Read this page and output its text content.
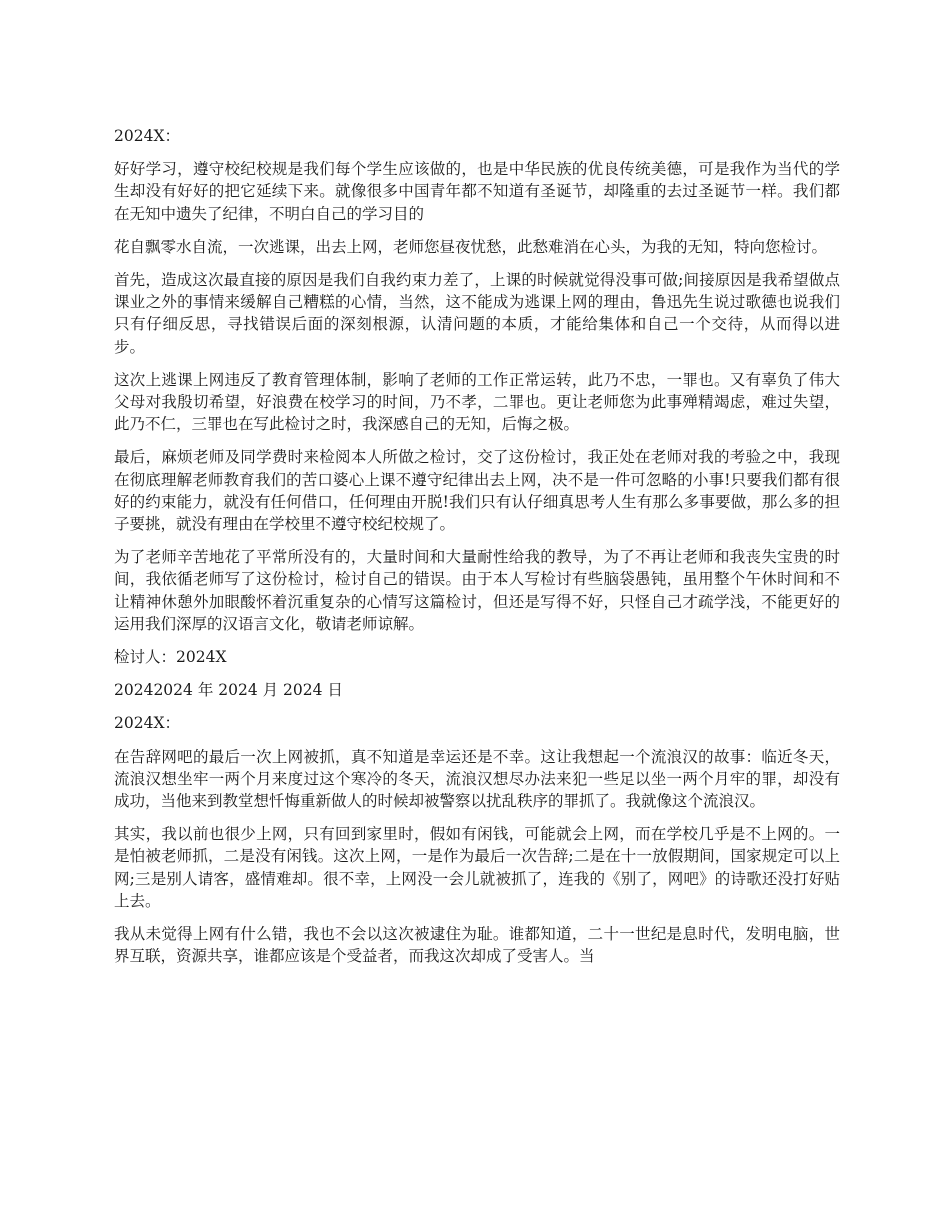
2024X：

好好学习，遵守校纪校规是我们每个学生应该做的，也是中华民族的优良传统美德，可是我作为当代的学生却没有好好的把它延续下来。就像很多中国青年都不知道有圣诞节，却隆重的去过圣诞节一样。我们都在无知中遗失了纪律，不明白自己的学习目的

花自飘零水自流，一次逃课，出去上网，老师您昼夜忧愁，此愁难消在心头，为我的无知，特向您检讨。

首先，造成这次最直接的原因是我们自我约束力差了，上课的时候就觉得没事可做;间接原因是我希望做点课业之外的事情来缓解自己糟糕的心情，当然，这不能成为逃课上网的理由，鲁迅先生说过歌德也说我们只有仔细反思，寻找错误后面的深刻根源，认清问题的本质，才能给集体和自己一个交待，从而得以进步。

这次上逃课上网违反了教育管理体制，影响了老师的工作正常运转，此乃不忠，一罪也。又有辜负了伟大父母对我殷切希望，好浪费在校学习的时间，乃不孝，二罪也。更让老师您为此事殚精竭虑，难过失望，此乃不仁，三罪也在写此检讨之时，我深感自己的无知，后悔之极。

最后，麻烦老师及同学费时来检阅本人所做之检讨，交了这份检讨，我正处在老师对我的考验之中，我现在彻底理解老师教育我们的苦口婆心上课不遵守纪律出去上网，决不是一件可忽略的小事!只要我们都有很好的约束能力，就没有任何借口，任何理由开脱!我们只有认仔细真思考人生有那么多事要做，那么多的担子要挑，就没有理由在学校里不遵守校纪校规了。

为了老师辛苦地花了平常所没有的，大量时间和大量耐性给我的教导，为了不再让老师和我丧失宝贵的时间，我依循老师写了这份检讨，检讨自己的错误。由于本人写检讨有些脑袋愚钝，虽用整个午休时间和不让精神休憩外加眼酸怀着沉重复杂的心情写这篇检讨，但还是写得不好，只怪自己才疏学浅，不能更好的运用我们深厚的汉语言文化，敬请老师谅解。

检讨人：2024X

20242024 年 2024 月 2024 日

2024X：

在告辞网吧的最后一次上网被抓，真不知道是幸运还是不幸。这让我想起一个流浪汉的故事：临近冬天，流浪汉想坐牢一两个月来度过这个寒冷的冬天，流浪汉想尽办法来犯一些足以坐一两个月牢的罪，却没有成功，当他来到教堂想忏悔重新做人的时候却被警察以扰乱秩序的罪抓了。我就像这个流浪汉。

其实，我以前也很少上网，只有回到家里时，假如有闲钱，可能就会上网，而在学校几乎是不上网的。一是怕被老师抓，二是没有闲钱。这次上网，一是作为最后一次告辞;二是在十一放假期间，国家规定可以上网;三是别人请客，盛情难却。很不幸，上网没一会儿就被抓了，连我的《别了，网吧》的诗歌还没打好贴上去。

我从未觉得上网有什么错，我也不会以这次被逮住为耻。谁都知道，二十一世纪是息时代，发明电脑，世界互联，资源共享，谁都应该是个受益者，而我这次却成了受害人。当
